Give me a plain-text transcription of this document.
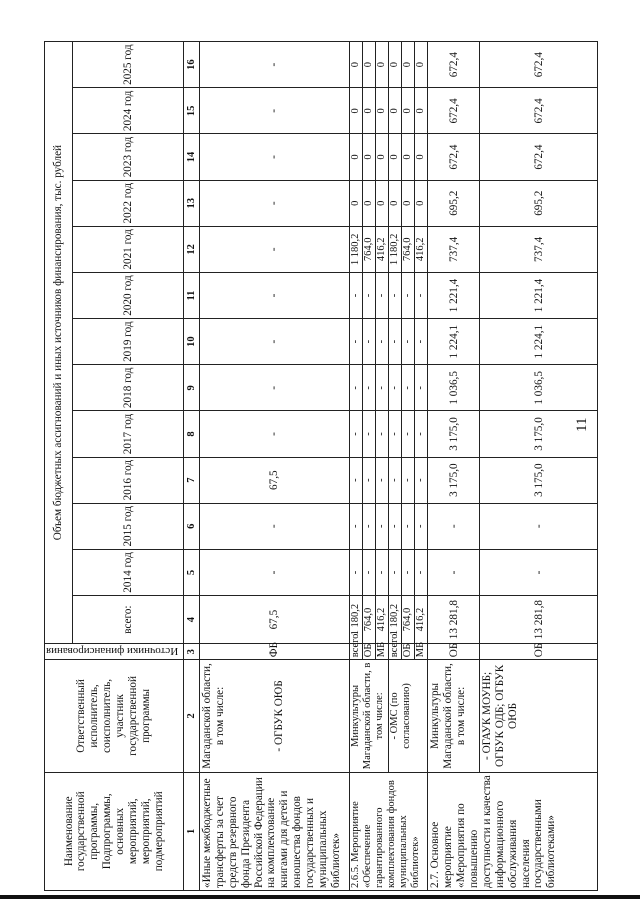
11
Наименование государственной программы, Подпрограммы, основных мероприятий, мероприятий, подмероприятий	Ответственный исполнитель, соисполнитель, участник государственной программы	Источники финансирования	Объем бюджетных ассигнований и иных источников финансирования, тыс. рублей												
			всего:	2014 год	2015 год	2016 год	2017 год	2018 год	2019 год	2020 год	2021 год	2022 год	2023 год	2024 год	2025 год
1	2	3	4	5	6	7	8	9	10	11	12	13	14	15	16
«Иные межбюджетные трансферты за счет средств резервного фонда Президента Российской Федерации на комплектование книгами для детей и юношества фондов государственных и муниципальных библиотек»	Магаданской области, в том числе: - ОГБУК ОЮБ	ФБ	67,5	-	-	67,5	-	-	-	-	-	-	-	-	-
2.6.5. Мероприятие «Обеспечение гарантированного комплектования фондов муниципальных библиотек»	Минкультуры Магаданской области, в том числе:	всего	1 180,2	-	-	-	-	-	-	-	1 180,2	0	0	0	0
		ОБ	764,0	-	-	-	-	-	-	-	764,0	0	0	0	0
		МБ	416,2	-	-	-	-	-	-	-	416,2	0	0	0	0
	- ОМС (по согласованию)	всего	1 180,2	-	-	-	-	-	-	-	1 180,2	0	0	0	0
		ОБ	764,0	-	-	-	-	-	-	-	764,0	0	0	0	0
		МБ	416,2	-	-	-	-	-	-	-	416,2	0	0	0	0
2.7. Основное мероприятие «Мероприятия по повышению доступности и качества информационного обслуживания населения государственными библиотеками»	Минкультуры Магаданской области, в том числе:	ОБ	13 281,8	-	-	3 175,0	3 175,0	1 036,5	1 224,1	1 221,4	737,4	695,2	672,4	672,4	672,4
	- ОГАУК МОУНБ; ОГБУК ОДБ; ОГБУК ОЮБ	ОБ	13 281,8	-	-	3 175,0	3 175,0	1 036,5	1 224,1	1 221,4	737,4	695,2	672,4	672,4	672,4
